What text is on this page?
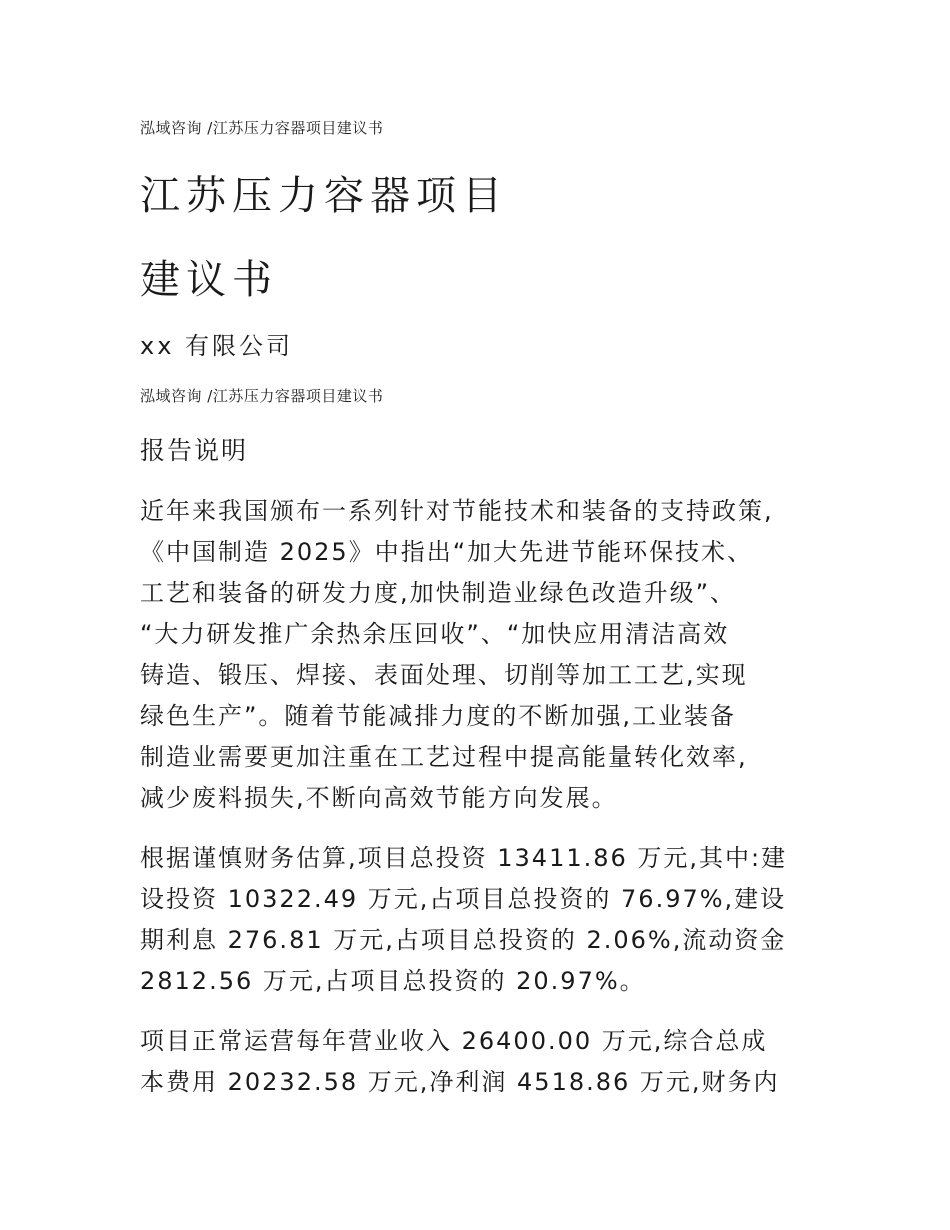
泓域咨询 /江苏压力容器项目建议书
江苏压力容器项目
建议书
xx 有限公司
泓域咨询 /江苏压力容器项目建议书
报告说明

近年来我国颁布一系列针对节能技术和装备的支持政策,
《中国制造 2025》中指出“加大先进节能环保技术、
工艺和装备的研发力度,加快制造业绿色改造升级”、
“大力研发推广余热余压回收”、“加快应用清洁高效
铸造、锻压、焊接、表面处理、切削等加工工艺,实现
绿色生产”。随着节能减排力度的不断加强,工业装备
制造业需要更加注重在工艺过程中提高能量转化效率,
减少废料损失,不断向高效节能方向发展。

根据谨慎财务估算,项目总投资 13411.86 万元,其中:建
设投资 10322.49 万元,占项目总投资的 76.97%,建设
期利息 276.81 万元,占项目总投资的 2.06%,流动资金
2812.56 万元,占项目总投资的 20.97%。

项目正常运营每年营业收入 26400.00 万元,综合总成
本费用 20232.58 万元,净利润 4518.86 万元,财务内
